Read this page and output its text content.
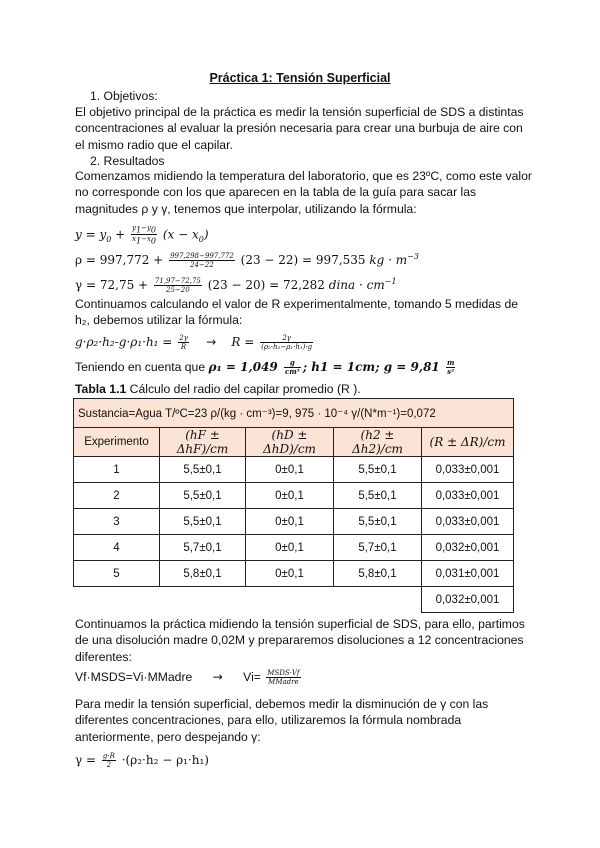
Práctica 1: Tensión Superficial
1. Objetivos:
El objetivo principal de la práctica es medir la tensión superficial de SDS a distintas concentraciones al evaluar la presión necesaria para crear una burbuja de aire con el mismo radio que el capilar.
2. Resultados
Comenzamos midiendo la temperatura del laboratorio, que es 23ºC, como este valor no corresponde con los que aparecen en la tabla de la guía para sacar las magnitudes ρ y γ, tenemos que interpolar, utilizando la fórmula:
$y = y_0 + \frac{y_1-y_0}{x_1-x_0} (x - x_0)$
$\rho = 997,772 + \frac{997,298-997,772}{24-22} (23 - 22) = 997,535$ kg · $m^{-3}$
$\gamma = 72,75 + \frac{71,97-72,75}{25-20} (23 - 20) = 72,282$ dina · $cm^{-1}$
Continuamos calculando el valor de R experimentalmente, tomando 5 medidas de h₂, debemos utilizar la fórmula:
$g\cdot\rho_2\cdot h_2-g\cdot\rho_1\cdot h_1 = \frac{2\gamma}{R} \to R = \frac{2\gamma}{\text{(ρ₂·h₂−ρ₁·h₁)·g}}$
Teniendo en cuenta que $\rho_1 = 1,049 \frac{g}{\text{cm³}}$ ; h1 = 1cm; $g = 9,81 \frac{m}{\text{s²}}$
Tabla 1.1 Cálculo del radio del capilar promedio (R ).
Sustancia=Agua T/ºC=23 ρ/(kg · cm⁻³)=9, 975 · 10⁻⁴ γ/(N*m⁻¹)=0,072				
Experimento	(hF ± ΔhF)/cm	(hD ± ΔhD)/cm	(h2 ± Δh2)/cm	(R ± ΔR)/cm
1	5,5±0,1	0±0,1	5,5±0,1	0,033±0,001
2	5,5±0,1	0±0,1	5,5±0,1	0,033±0,001
3	5,5±0,1	0±0,1	5,5±0,1	0,033±0,001
4	5,7±0,1	0±0,1	5,7±0,1	0,032±0,001
5	5,8±0,1	0±0,1	5,8±0,1	0,031±0,001
				0,032±0,001
Continuamos la práctica midiendo la tensión superficial de SDS, para ello, partimos de una disolución madre 0,02M y prepararemos disoluciones a 12 concentraciones diferentes:
Vf·MSDS=Vi·MMadre → $Vi= \frac{\text{MSDS·Vf}}{\text{MMadre}}$
Para medir la tensión superficial, debemos medir la disminución de γ con las diferentes concentraciones, para ello, utilizaremos la fórmula nombrada anteriormente, pero despejando γ:
$\gamma = \frac{g\cdot R}{2} \cdot(\rho_2\cdot h_2 - \rho_1\cdot h_1)$
